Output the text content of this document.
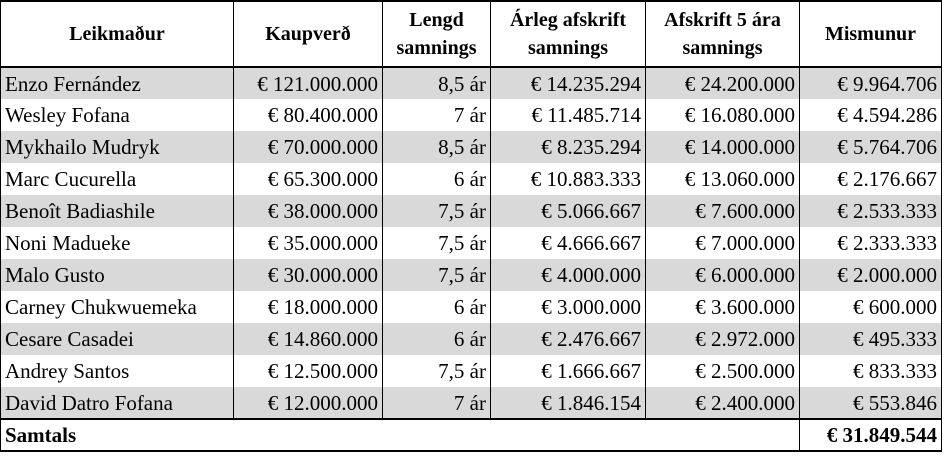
Leikmaður	Kaupverð	Lengd samnings	Árleg afskrift samnings	Afskrift 5 ára samnings	Mismunur
Enzo Fernández	€ 121.000.000	8,5 ár	€ 14.235.294	€ 24.200.000	€ 9.964.706
Wesley Fofana	€ 80.400.000	7 ár	€ 11.485.714	€ 16.080.000	€ 4.594.286
Mykhailo Mudryk	€ 70.000.000	8,5 ár	€ 8.235.294	€ 14.000.000	€ 5.764.706
Marc Cucurella	€ 65.300.000	6 ár	€ 10.883.333	€ 13.060.000	€ 2.176.667
Benoît Badiashile	€ 38.000.000	7,5 ár	€ 5.066.667	€ 7.600.000	€ 2.533.333
Noni Madueke	€ 35.000.000	7,5 ár	€ 4.666.667	€ 7.000.000	€ 2.333.333
Malo Gusto	€ 30.000.000	7,5 ár	€ 4.000.000	€ 6.000.000	€ 2.000.000
Carney Chukwuemeka	€ 18.000.000	6 ár	€ 3.000.000	€ 3.600.000	€ 600.000
Cesare Casadei	€ 14.860.000	6 ár	€ 2.476.667	€ 2.972.000	€ 495.333
Andrey Santos	€ 12.500.000	7,5 ár	€ 1.666.667	€ 2.500.000	€ 833.333
David Datro Fofana	€ 12.000.000	7 ár	€ 1.846.154	€ 2.400.000	€ 553.846
Samtals					€ 31.849.544
